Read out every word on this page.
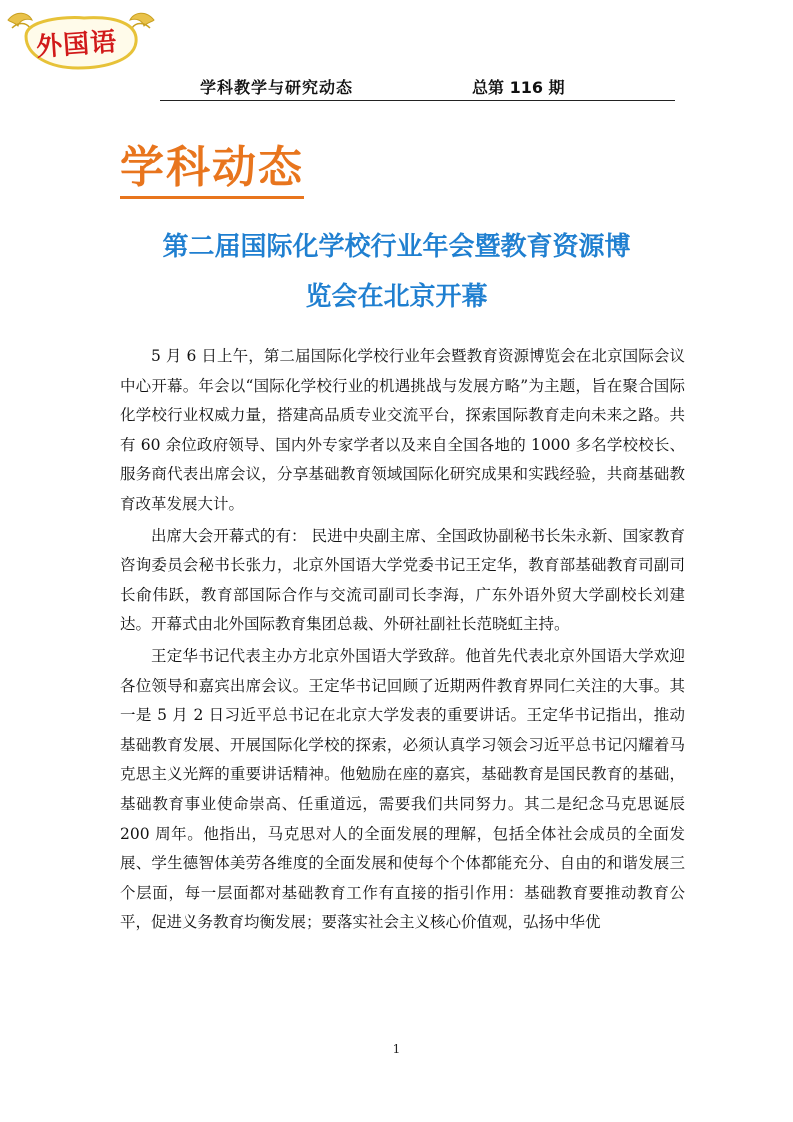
外国语
学科教学与研究动态	总第 116 期
学科动态
第二届国际化学校行业年会暨教育资源博
览会在北京开幕

5 月 6 日上午，第二届国际化学校行业年会暨教育资源博览会在北京国际会议中心开幕。年会以“国际化学校行业的机遇挑战与发展方略”为主题，旨在聚合国际化学校行业权威力量，搭建高品质专业交流平台，探索国际教育走向未来之路。共有 60 余位政府领导、国内外专家学者以及来自全国各地的 1000 多名学校校长、服务商代表出席会议，分享基础教育领域国际化研究成果和实践经验，共商基础教育改革发展大计。

出席大会开幕式的有： 民进中央副主席、全国政协副秘书长朱永新、国家教育咨询委员会秘书长张力，北京外国语大学党委书记王定华，教育部基础教育司副司长俞伟跃，教育部国际合作与交流司副司长李海，广东外语外贸大学副校长刘建达。开幕式由北外国际教育集团总裁、外研社副社长范晓虹主持。

王定华书记代表主办方北京外国语大学致辞。他首先代表北京外国语大学欢迎各位领导和嘉宾出席会议。王定华书记回顾了近期两件教育界同仁关注的大事。其一是 5 月 2 日习近平总书记在北京大学发表的重要讲话。王定华书记指出，推动基础教育发展、开展国际化学校的探索，必须认真学习领会习近平总书记闪耀着马克思主义光辉的重要讲话精神。他勉励在座的嘉宾，基础教育是国民教育的基础，基础教育事业使命崇高、任重道远，需要我们共同努力。其二是纪念马克思诞辰 200 周年。他指出，马克思对人的全面发展的理解，包括全体社会成员的全面发展、学生德智体美劳各维度的全面发展和使每个个体都能充分、自由的和谐发展三个层面，每一层面都对基础教育工作有直接的指引作用：基础教育要推动教育公平，促进义务教育均衡发展；要落实社会主义核心价值观，弘扬中华优

1
